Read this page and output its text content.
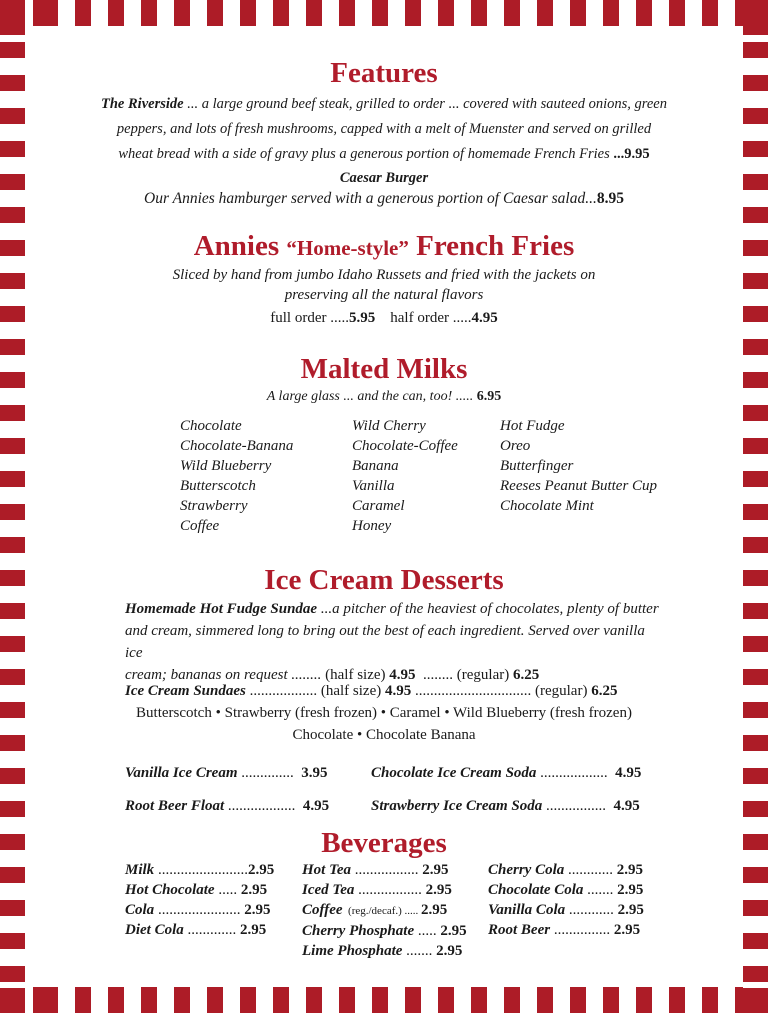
Features
The Riverside ... a large ground beef steak, grilled to order ... covered with sauteed onions, green
peppers, and lots of fresh mushrooms, capped with a melt of Muenster and served on grilled
wheat bread with a side of gravy plus a generous portion of homemade French Fries ...9.95
Caesar Burger
Our Annies hamburger served with a generous portion of Caesar salad...8.95
Annies “Home-style” French Fries
Sliced by hand from jumbo Idaho Russets and fried with the jackets on
preserving all the natural flavors
full order .....5.95 half order .....4.95
Malted Milks
A large glass ... and the can, too! ..... 6.95
Chocolate
Chocolate-Banana
Wild Blueberry
Butterscotch
Strawberry
Coffee
Wild Cherry
Chocolate-Coffee
Banana
Vanilla
Caramel
Honey
Hot Fudge
Oreo
Butterfinger
Reeses Peanut Butter Cup
Chocolate Mint
Ice Cream Desserts
Homemade Hot Fudge Sundae ...a pitcher of the heaviest of chocolates, plenty of butter
and cream, simmered long to bring out the best of each ingredient. Served over vanilla ice
cream; bananas on request ........ (half size) 4.95  ........ (regular) 6.25
Ice Cream Sundaes .................. (half size) 4.95 ............................... (regular) 6.25
Butterscotch • Strawberry (fresh frozen) • Caramel • Wild Blueberry (fresh frozen)
Chocolate • Chocolate Banana
Vanilla Ice Cream ..............  3.95	Chocolate Ice Cream Soda ..................  4.95
Root Beer Float ..................  4.95	Strawberry Ice Cream Soda ................  4.95
Beverages
Milk ........................2.95
Hot Chocolate ..... 2.95
Cola ...................... 2.95
Diet Cola ............. 2.95
Hot Tea ................. 2.95
Iced Tea ................. 2.95
Coffee  (reg./decaf.) ..... 2.95
Cherry Phosphate ..... 2.95
Lime Phosphate ....... 2.95
Cherry Cola ............ 2.95
Chocolate Cola ....... 2.95
Vanilla Cola ............ 2.95
Root Beer ............... 2.95
